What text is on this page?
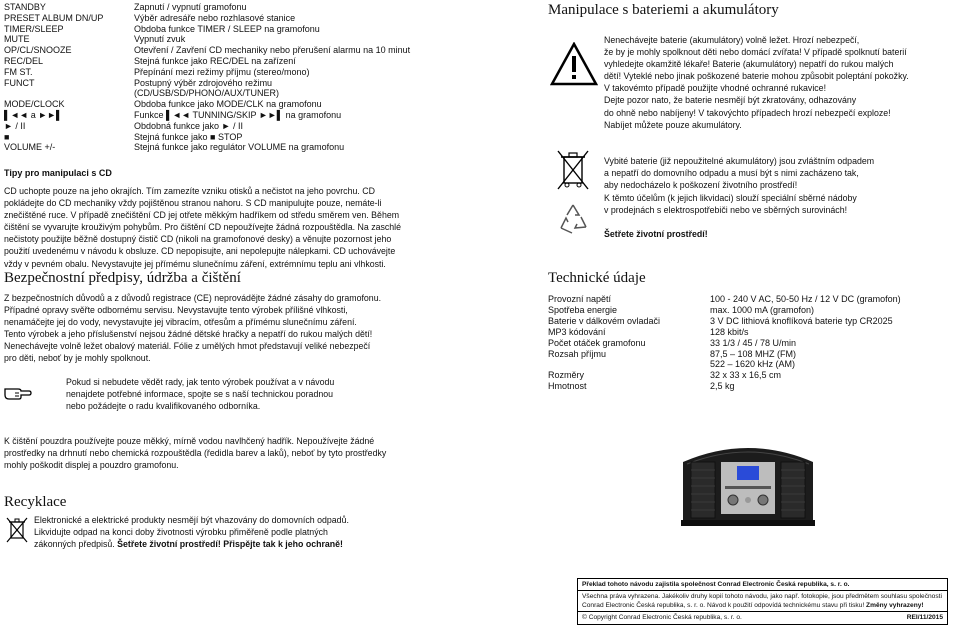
STANDBY	Zapnutí / vypnutí gramofonu
PRESET ALBUM DN/UP	Výběr adresáře nebo rozhlasové stanice
TIMER/SLEEP	Obdoba funkce TIMER / SLEEP na gramofonu
MUTE	Vypnutí zvuk
OP/CL/SNOOZE	Otevření / Zavření CD mechaniky nebo přerušení alarmu na 10 minut
REC/DEL	Stejná funkce jako REC/DEL na zařízení
FM ST.	Přepínání mezi režimy příjmu (stereo/mono)
FUNCT	Postupný výběr zdrojového režimu
(CD/USB/SD/PHONO/AUX/TUNER)
MODE/CLOCK	Obdoba funkce jako MODE/CLK na gramofonu
▌◄◄ a ►►▌	Funkce ▌◄◄ TUNNING/SKIP ►►▌ na gramofonu
► / II	Obdobná funkce jako ► / II
■	Stejná funkce jako ■ STOP
VOLUME +/-	Stejná funkce jako regulátor VOLUME na gramofonu
Tipy pro manipulaci s CD

CD uchopte pouze na jeho okrajích. Tím zamezíte vzniku otisků a nečistot na jeho povrchu. CD

pokládejte do CD mechaniky vždy pojištěnou stranou nahoru. S CD manipulujte pouze, nemáte-li

znečištěné ruce. V případě znečištění CD jej otřete měkkým hadříkem od středu směrem ven. Během

čištění se vyvarujte krouživým pohybům. Pro čištění CD nepoužívejte žádná rozpouštědla. Na zaschlé

nečistoty použijte běžně dostupný čistič CD (nikoli na gramofonové desky) a věnujte pozornost jeho

použití uvedenému v návodu k obsluze. CD nepopisujte, ani nepolepujte nálepkami. CD uchovávejte

vždy v pevném obalu. Nevystavujte jej přímému slunečnímu záření, extrémnímu teplu ani vlhkosti.

Bezpečnostní předpisy, údržba a čištění

Z bezpečnostních důvodů a z důvodů registrace (CE) neprovádějte žádné zásahy do gramofonu.

Případné opravy svěřte odbornému servisu. Nevystavujte tento výrobek přílišné vlhkosti,

nenamáčejte jej do vody, nevystavujte jej vibracím, otřesům a přímému slunečnímu záření.

Tento výrobek a jeho příslušenství nejsou žádné dětské hračky a nepatří do rukou malých dětí!

Nenechávejte volně ležet obalový materiál. Fólie z umělých hmot představují veliké nebezpečí

pro děti, neboť by je mohly spolknout.

Pokud si nebudete vědět rady, jak tento výrobek používat a v návodu

nenajdete potřebné informace, spojte se s naší technickou poradnou

nebo požádejte o radu kvalifikovaného odborníka.

K čištění pouzdra používejte pouze měkký, mírně vodou navlhčený hadřík. Nepoužívejte žádné

prostředky na drhnutí nebo chemická rozpouštědla (ředidla barev a laků), neboť by tyto prostředky

mohly poškodit displej a pouzdro gramofonu.

Recyklace

Elektronické a elektrické produkty nesmějí být vhazovány do domovních odpadů.

Likvidujte odpad na konci doby životnosti výrobku přiměřeně podle platných

zákonných předpisů. Šetřete životní prostředí! Přispějte tak k jeho ochraně!

Manipulace s bateriemi a akumulátory

Nenechávejte baterie (akumulátory) volně ležet. Hrozí nebezpečí,

že by je mohly spolknout děti nebo domácí zvířata! V případě spolknutí baterií

vyhledejte okamžitě lékaře! Baterie (akumulátory) nepatří do rukou malých

dětí! Vyteklé nebo jinak poškozené baterie mohou způsobit poleptání pokožky.

V takovémto případě použijte vhodné ochranné rukavice!

Dejte pozor nato, že baterie nesmějí být zkratovány, odhazovány

do ohně nebo nabíjeny! V takovýchto případech hrozí nebezpečí exploze!

Nabíjet můžete pouze akumulátory.

Vybité baterie (již nepoužitelné akumulátory) jsou zvláštním odpadem

a nepatří do domovního odpadu a musí být s nimi zacházeno tak,

aby nedocházelo k poškození životního prostředí!

K těmto účelům (k jejich likvidaci) slouží speciální sběrné nádoby

v prodejnách s elektrospotřebiči nebo ve sběrných surovinách!

Šetřete životní prostředí!
Technické údaje
Provozní napětí	100 - 240 V AC, 50-50 Hz / 12 V DC (gramofon)
Spotřeba energie	max. 1000 mA (gramofon)
Baterie v dálkovém ovladači	3 V DC lithiová knoflíková baterie typ CR2025
MP3 kódování	128 kbit/s
Počet otáček gramofonu	33 1/3 / 45 / 78 U/min
Rozsah příjmu	87,5 – 108 MHZ (FM)
522 – 1620 kHz (AM)
Rozměry	32 x 33 x 16,5 cm
Hmotnost	2,5 kg
Překlad tohoto návodu zajistila společnost Conrad Electronic Česká republika, s. r. o.
Všechna práva vyhrazena. Jakékoliv druhy kopií tohoto návodu, jako např. fotokopie, jsou předmětem souhlasu společnosti
Conrad Electronic Česká republika, s. r. o. Návod k použití odpovídá technickému stavu při tisku! Změny vyhrazeny!
© Copyright Conrad Electronic Česká republika, s. r. o.	REI/11/2015
